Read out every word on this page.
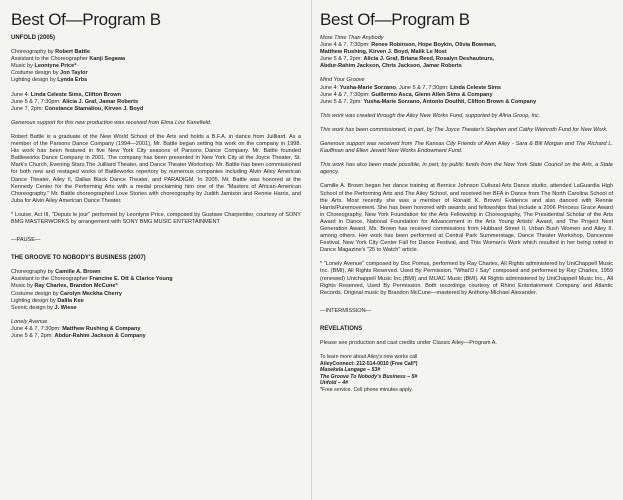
Best Of—Program B
UNFOLD (2005)
Choreography by Robert Battle
Assistant to the Choreographer Kanji Segawa
Music by Leontyne Price*
Costume design by Jon Taylor
Lighting design by Lynda Erbs
June 4: Linda Celeste Sims, Clifton Brown
June 5 & 7, 7:30pm: Alicia J. Graf, Jamar Roberts
June 7, 2pm: Constance Stamatiou, Kirven J. Boyd
Generous support for this new production was received from Elma Linz Kanefield.
Robert Battle is a graduate of the New World School of the Arts and holds a B.F.A. in dance from Juilliard. As a member of the Parsons Dance Company (1994—2001), Mr. Battle began setting his work on the company in 1998. His work has been featured in five New York City seasons of Parsons Dance Company. Mr. Battle founded Battleworks Dance Company in 2001. The company has been presented in New York City at the Joyce Theater, St. Mark's Church, Evening Stars,The Juilliard Theater, and Dance Theater Workshop. Mr. Battle has been commissioned for both new and restaged works of Battleworks repertory by numerous companies including Alvin Ailey American Dance Theater, Ailey II, Dallas Black Dance Theater, and PARADIGM. In 2005, Mr. Battle was honored at the Kennedy Center for the Performing Arts with a medal proclaiming him one of the "Masters of African-American Choreography." Mr. Battle choreographed Love Stories with choreography by Judith Jamison and Rennie Harris, and Juba for Alvin Ailey American Dance Theater.
* Louise, Act III, "Depuis le jour" performed by Leontyne Price, composed by Gustave Charpentier, courtesy of SONY BMG MASTERWORKS by arrangement with SONY BMG MUSIC ENTERTAINMENT
—PAUSE—
THE GROOVE TO NOBODY'S BUSINESS (2007)
Choreography by Camille A. Brown
Assistant to the Choreographer Francine E. Ott & Clarice Young
Music by Ray Charles, Brandon McCune*
Costume design by Carolyn Meckha Cherry
Lighting design by Dalila Kee
Scenic design by J. Wiese
Lonely Avenue
June 4 & 7, 7:30pm: Matthew Rushing & Company
June 5 & 7, 2pm: Abdur-Rahim Jackson & Company
Best Of—Program B
More Time Than Anybody
June 4 & 7, 7:30pm: Renee Robinson, Hope Boykin, Olivia Bowman,
Matthew Rushing, Kirven J. Boyd, Malik Le Nost
June 5 & 7, 2pm: Alicia J. Graf, Briana Reed, Rosalyn Deshauteurs,
Abdur-Rahim Jackson, Chris Jackson, Jamar Roberts
Mind Your Groove
June 4: Yusha-Marie Sorzano, June 5 & 7, 7:30pm: Linda Celeste Sims
June 4 & 7, 7:30pm: Guillermo Asca, Glenn Allen Sims & Company
June 5 & 7, 2pm: Yusha-Marie Sorzano, Antonio Douthit, Clifton Brown & Company
This work was created through the Ailey New Works Fund, supported by Altria Group, Inc.
This work has been commissioned, in part, by The Joyce Theater's Stephen and Cathy Weinroth Fund for New Work.
Generous support was received from The Kansas City Friends of Alvin Ailey - Sara & Bill Morgan and The Richard L. Kauffman and Ellen Jewett New Works Endowment Fund.
This work has also been made possible, in part, by public funds from the New York State Council on the Arts, a State agency.
Camille A. Brown began her dance training at Bernice Johnson Cultural Arts Dance studio, attended LaGuardia High School of the Performing Arts and The Ailey School, and received her BFA in Dance from The North Carolina School of the Arts. Most recently she was a member of Ronald K. Brown/ Evidence and also danced with Rennie Harris/Puremovement. She has been honored with awards and fellowships that include a 2006 Princess Grace Award in Choreography, New York Foundation for the Arts Fellowship in Choreography, The Presidential Scholar of the Arts Award in Dance, National Foundation for Advancement in the Arts Young Artists' Award, and The Project Next Generation Award. Ms. Brown has received commissions from Hubbard Street II, Urban Bush Women and Ailey II, among others. Her work has been performed at Central Park Summerstage, Dance Theater Workshop, Dancenow Festival, New York City Center Fall for Dance Festival, and This Woman's Work which resulted in her being noted in Dance Magazine's "25 to Watch" article.
* "Lonely Avenue" composed by Doc Pomus, performed by Ray Charles, All Rights administered by UniChappell Music Inc. (BMI), All Rights Reserved. Used By Permission. "What'D I Say" composed and performed by Ray Charles, 1959 (renewed) Unichappell Music Inc.(BMI) and MIJAC Music (BMI). All Rights administered by UniChappell Music Inc., All Rights Reserved, Used By Permission. Both recordings courtesy of Rhino Entertainment Company and Atlantic Records. Original music by Brandon McCune—mastered by Anthony-Michael Alexander.
—INTERMISSION—
REVELATIONS
Please see production and cast credits under Classic Ailey—Program A.
To learn more about Ailey's new works call
AileyConnect: 212-514-0010 (Free Call*)
Masekela Langage – 53#
The Groove To Nobody's Business – 5#
Unfold – 4#
*Free service. Cell phone minutes apply.
